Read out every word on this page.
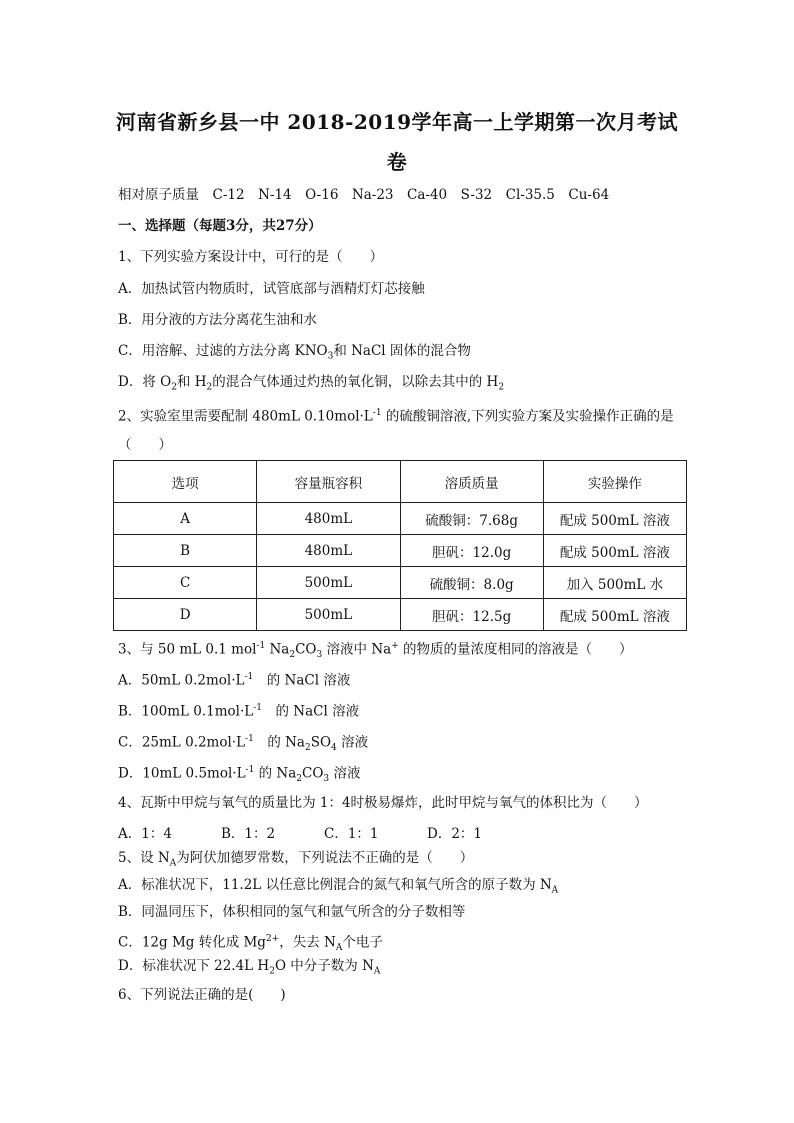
河南省新乡县一中 2018-2019学年高一上学期第一次月考试
卷
相对原子质量　C-12　N-14　O-16　Na-23　Ca-40　S-32　Cl-35.5　Cu-64
一、选择题（每题3分，共27分）
1、下列实验方案设计中，可行的是（　　）
A．加热试管内物质时，试管底部与酒精灯灯芯接触
B．用分液的方法分离花生油和水
C．用溶解、过滤的方法分离 $KNO_3$和 NaCl 固体的混合物
D．将 $O_2$和 $H_2$的混合气体通过灼热的氧化铜，以除去其中的 $H_2$
2、实验室里需要配制 480mL $0.10mol\cdot L^{-1}$ 的硫酸铜溶液,下列实验方案及实验操作正确的是
（　　）
选项	容量瓶容积	溶质质量	实验操作
A	480mL	硫酸铜：7.68g	配成 500mL 溶液
B	480mL	胆矾：12.0g	配成 500mL 溶液
C	500mL	硫酸铜：8.0g	加入 500mL 水
D	500mL	胆矾：12.5g	配成 500mL 溶液
3、与 50 mL 0.1 mol$^{-1}$ $Na_2CO_3$ 溶液中 Na+ 的物质的量浓度相同的溶液是（　　）
A．50mL $0.2mol\cdot L^{-1}$　的 NaCl 溶液
B．100mL $0.1mol\cdot L^{-1}$　的 NaCl 溶液
C．25mL $0.2mol\cdot L^{-1}$　的 $Na_2SO_4$ 溶液
D．10mL $0.5mol\cdot L^{-1}$ 的 $Na_2CO_3$ 溶液
4、瓦斯中甲烷与氧气的质量比为 1：4时极易爆炸，此时甲烷与氧气的体积比为（　　）
A．1：4	B．1：2	C．1：1	D．2：1
5、设 $N_A$为阿伏加德罗常数，下列说法不正确的是（　　）
A．标准状况下，11.2L 以任意比例混合的氮气和氧气所含的原子数为 $N_A$
B．同温同压下，体积相同的氢气和氩气所含的分子数相等
C．12g Mg 转化成 $Mg^{2+}$，失去 $N_A$个电子
D．标准状况下 22.4L $H_2O$ 中分子数为 $N_A$
6、下列说法正确的是(　　)
